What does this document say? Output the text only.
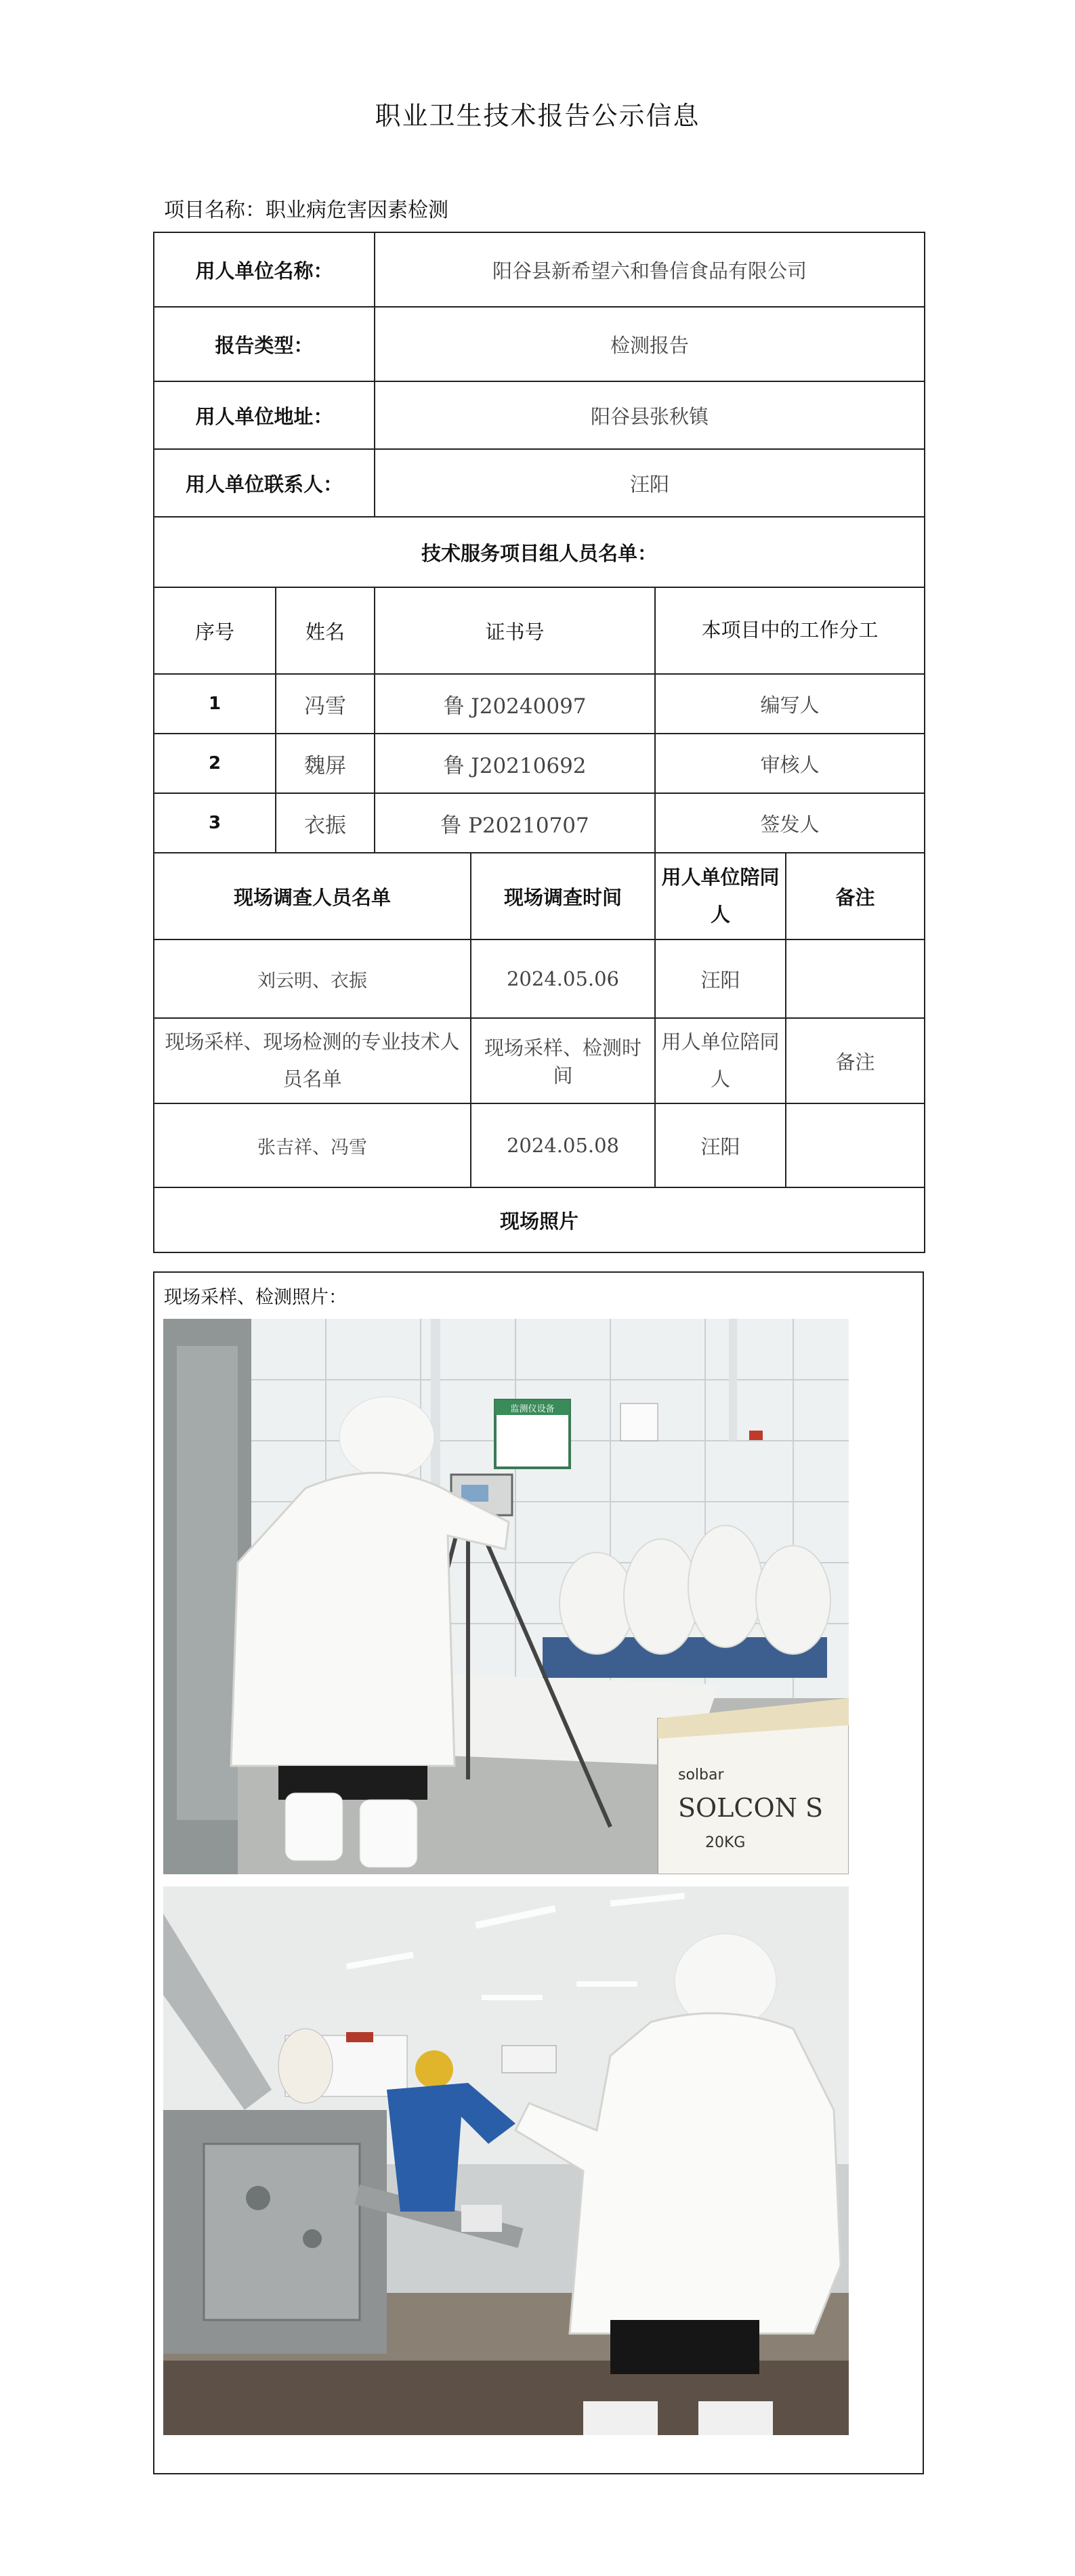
职业卫生技术报告公示信息
项目名称：职业病危害因素检测
用人单位名称：		阳谷县新希望六和鲁信食品有限公司			
报告类型：		检测报告			
用人单位地址：		阳谷县张秋镇			
用人单位联系人：		汪阳			
技术服务项目组人员名单：					
序号	姓名	证书号		本项目中的工作分工	
1	冯雪	鲁 J20240097		编写人	
2	魏屏	鲁 J20210692		审核人	
3	衣振	鲁 P20210707		签发人	
现场调查人员名单			现场调查时间	用人单位陪同人	备注
刘云明、衣振			2024.05.06	汪阳	
现场采样、现场检测的专业技术人员名单			现场采样、检测时间	用人单位陪同人	备注
张吉祥、冯雪			2024.05.08	汪阳	
现场照片					
现场采样、检测照片：
监测仪设备
solbar
SOLCON S
20KG
